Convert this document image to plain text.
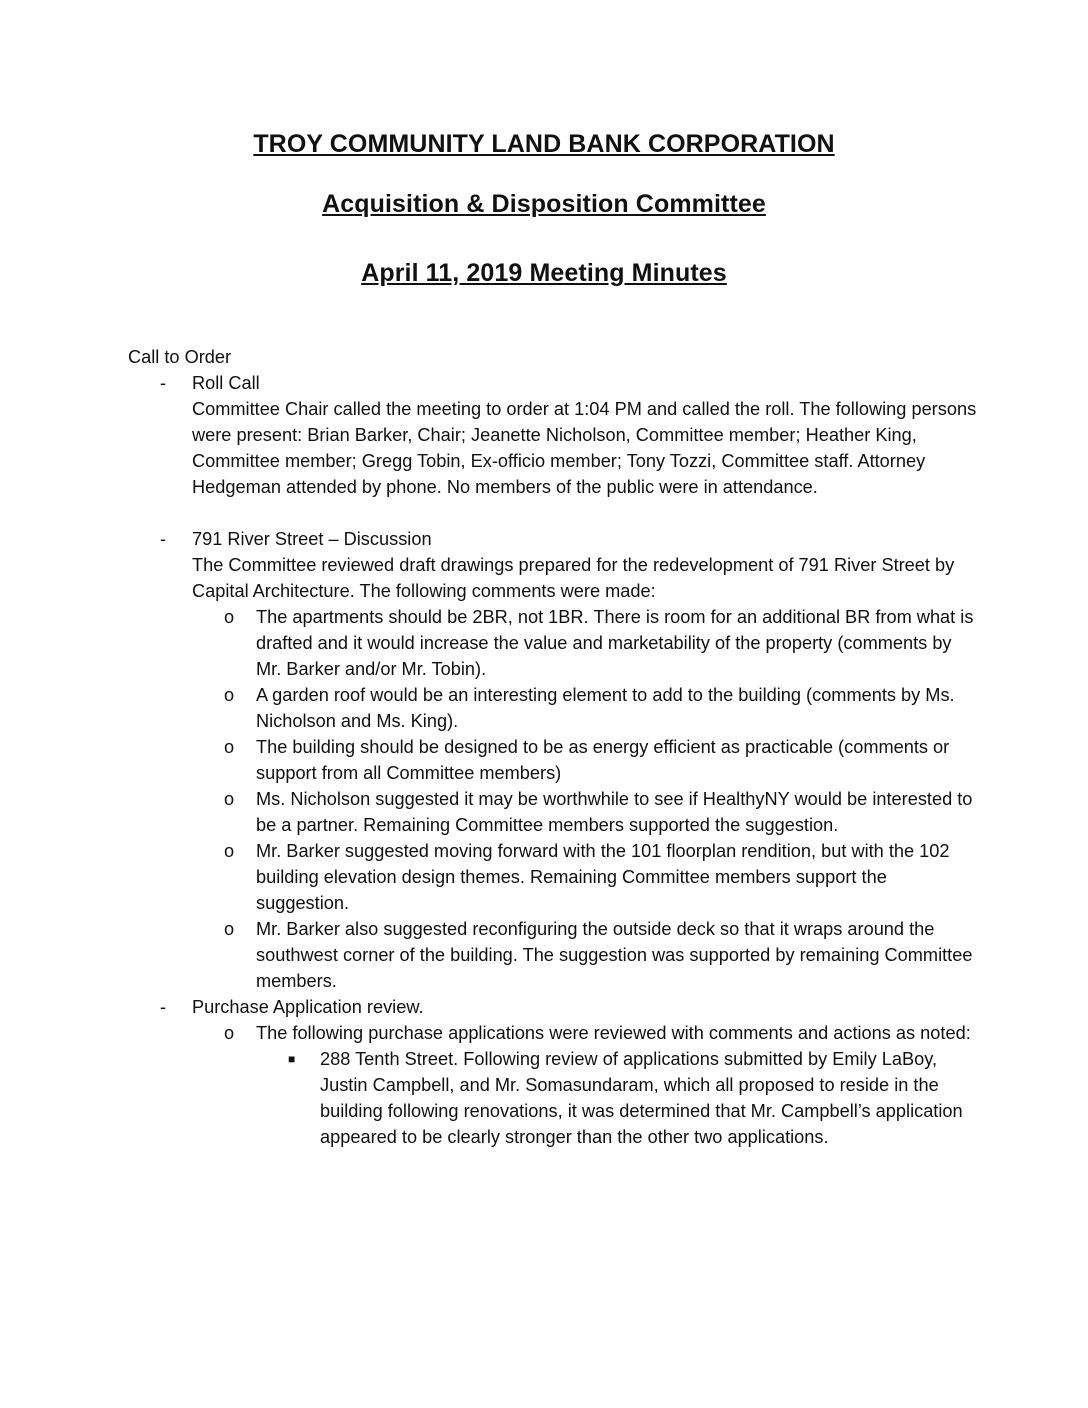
TROY COMMUNITY LAND BANK CORPORATION
Acquisition & Disposition Committee
April 11, 2019 Meeting Minutes

Call to Order

- Roll Call
Committee Chair called the meeting to order at 1:04 PM and called the roll. The following persons were present: Brian Barker, Chair; Jeanette Nicholson, Committee member; Heather King, Committee member; Gregg Tobin, Ex-officio member; Tony Tozzi, Committee staff. Attorney Hedgeman attended by phone. No members of the public were in attendance.
- 791 River Street – Discussion
The Committee reviewed draft drawings prepared for the redevelopment of 791 River Street by Capital Architecture. The following comments were made:
o The apartments should be 2BR, not 1BR. There is room for an additional BR from what is drafted and it would increase the value and marketability of the property (comments by Mr. Barker and/or Mr. Tobin).
o A garden roof would be an interesting element to add to the building (comments by Ms. Nicholson and Ms. King).
o The building should be designed to be as energy efficient as practicable (comments or support from all Committee members)
o Ms. Nicholson suggested it may be worthwhile to see if HealthyNY would be interested to be a partner. Remaining Committee members supported the suggestion.
o Mr. Barker suggested moving forward with the 101 floorplan rendition, but with the 102 building elevation design themes. Remaining Committee members support the suggestion.
o Mr. Barker also suggested reconfiguring the outside deck so that it wraps around the southwest corner of the building. The suggestion was supported by remaining Committee members.
- Purchase Application review.
o The following purchase applications were reviewed with comments and actions as noted:
■ 288 Tenth Street. Following review of applications submitted by Emily LaBoy, Justin Campbell, and Mr. Somasundaram, which all proposed to reside in the building following renovations, it was determined that Mr. Campbell’s application appeared to be clearly stronger than the other two applications.
